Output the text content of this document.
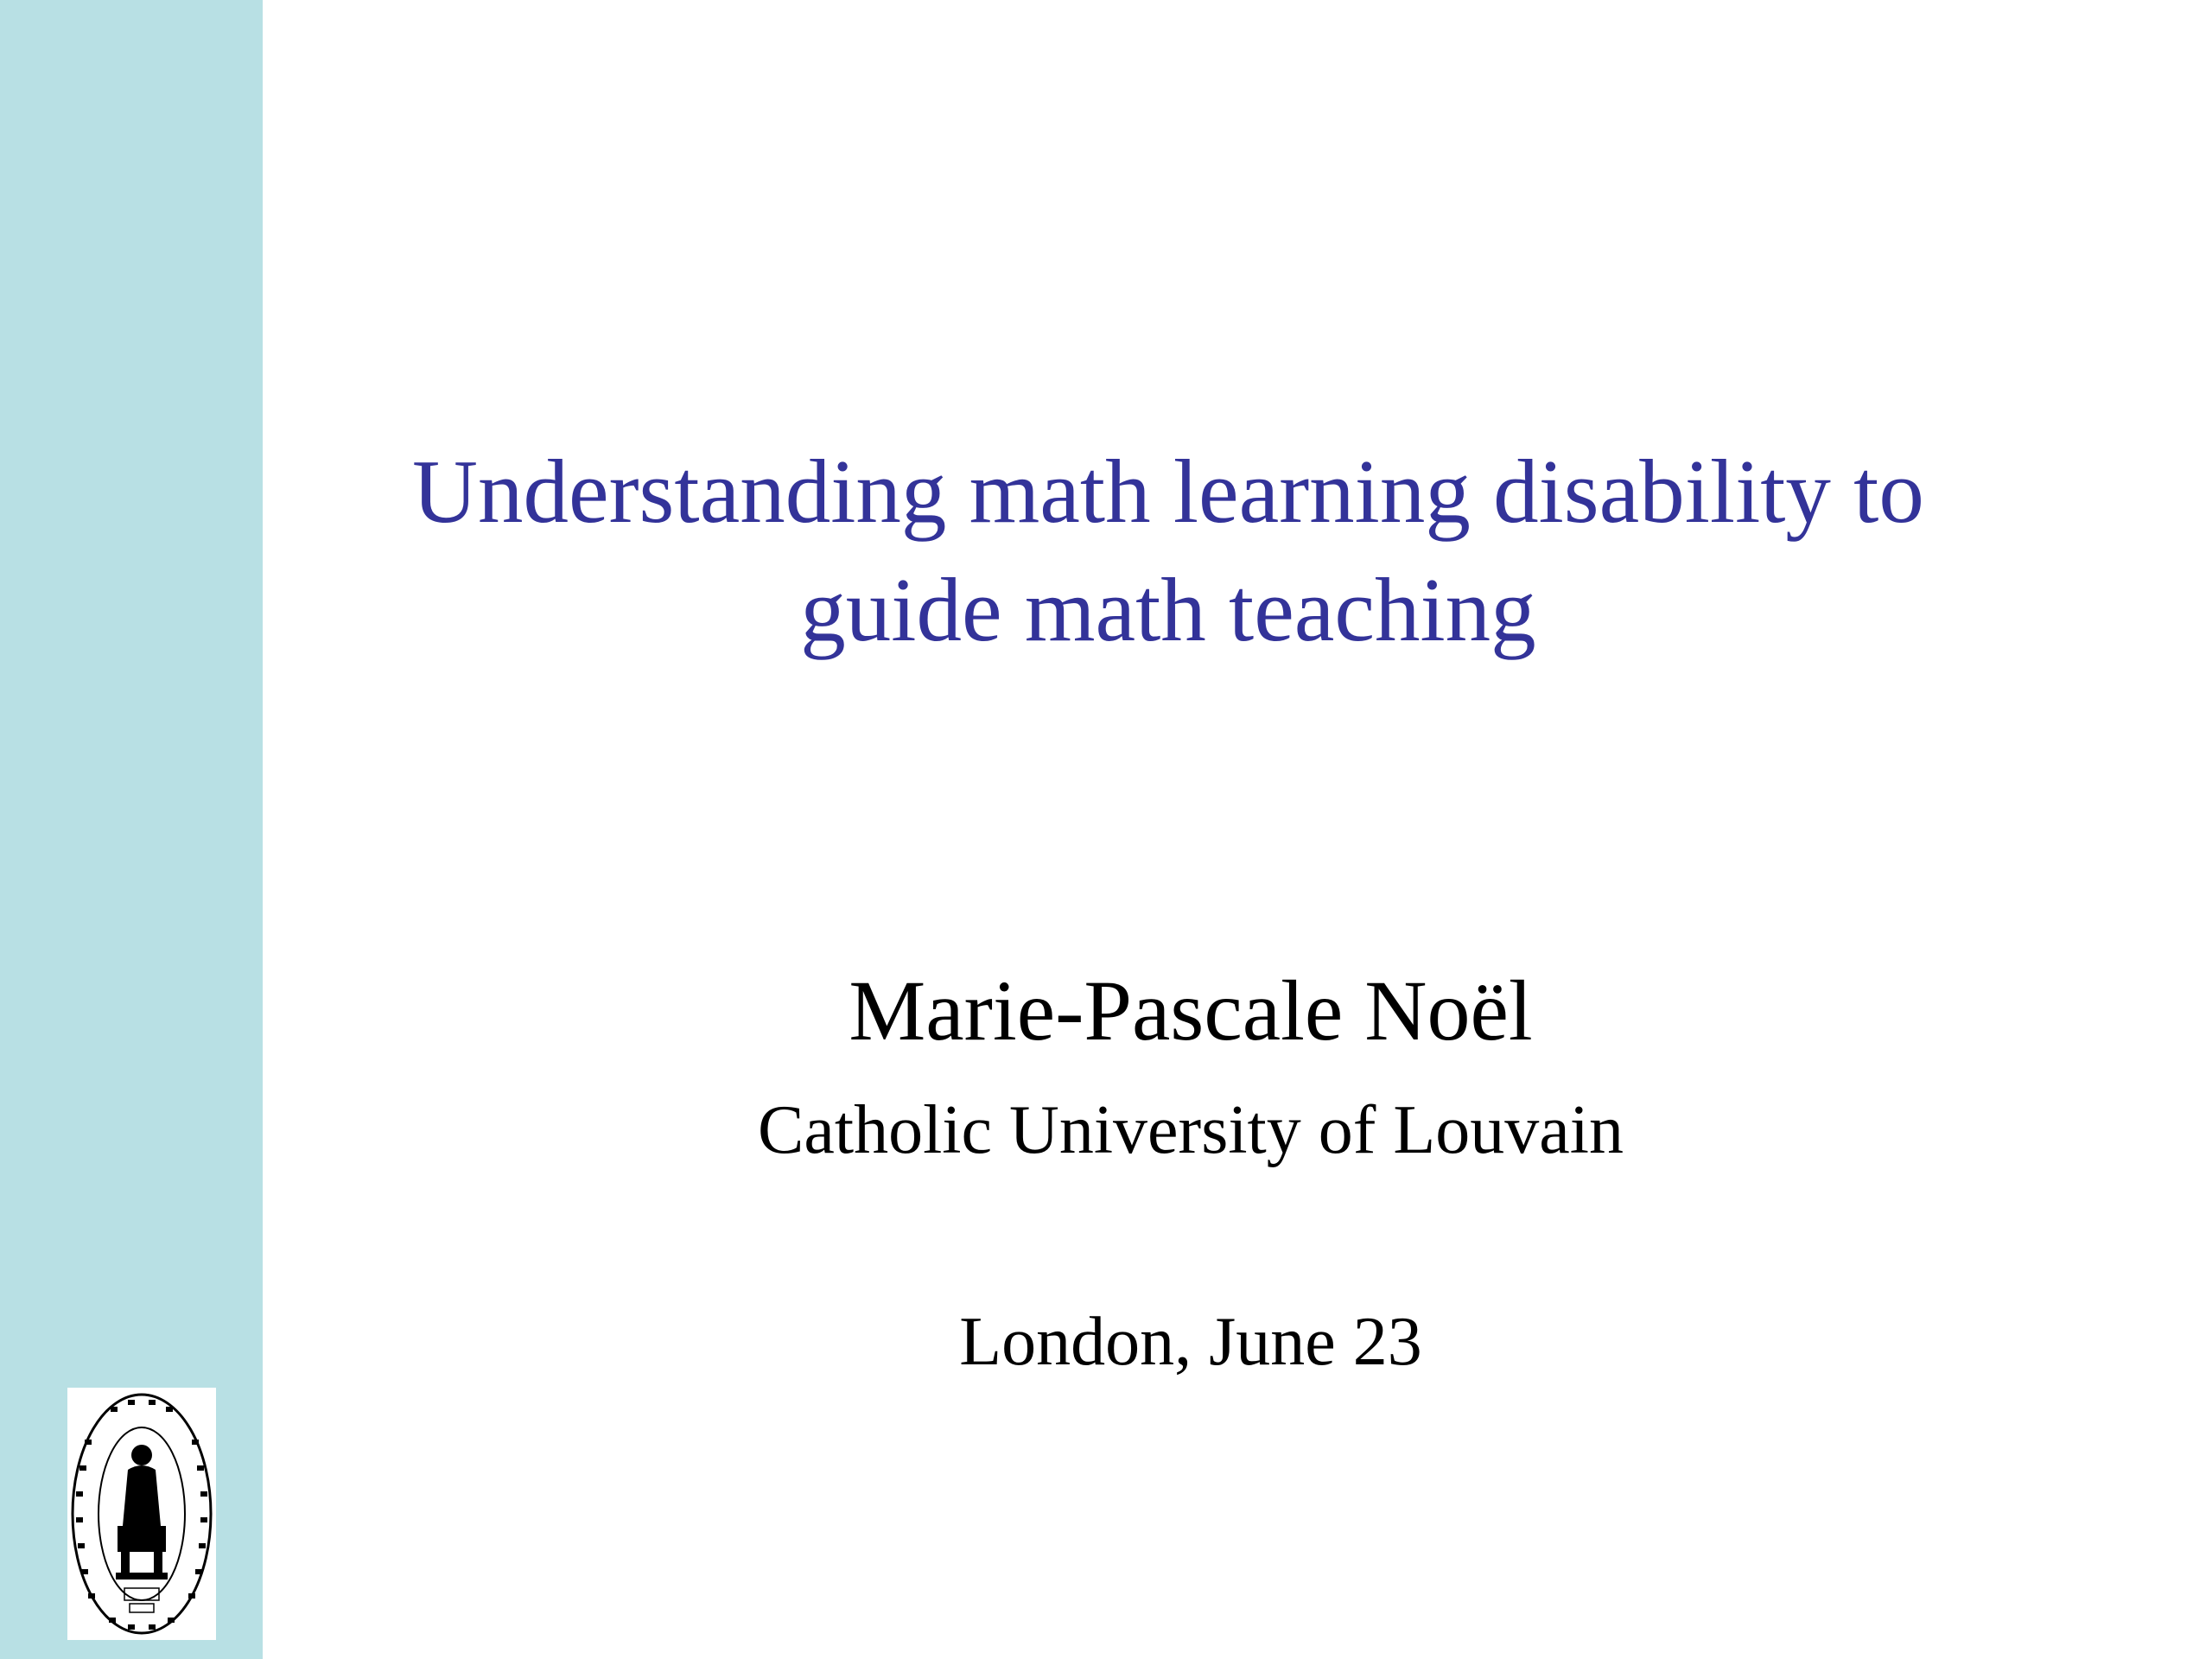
Understanding math learning disability to
guide math teaching
Marie-Pascale Noël
Catholic University of Louvain
London, June 23
